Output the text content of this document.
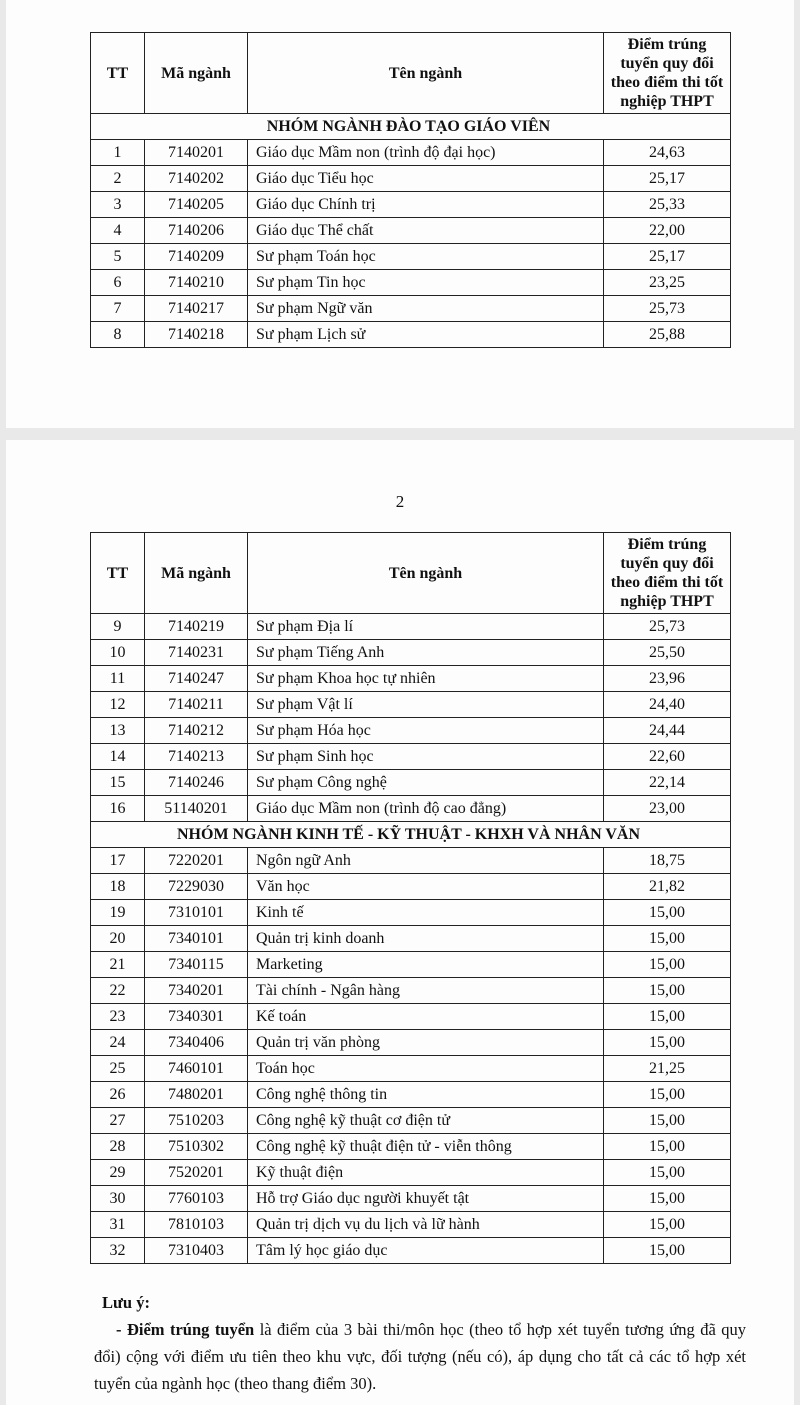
TT	Mã ngành	Tên ngành	Điểm trúng tuyển quy đổi theo điểm thi tốt nghiệp THPT
NHÓM NGÀNH ĐÀO TẠO GIÁO VIÊN			
1	7140201	Giáo dục Mầm non (trình độ đại học)	24,63
2	7140202	Giáo dục Tiểu học	25,17
3	7140205	Giáo dục Chính trị	25,33
4	7140206	Giáo dục Thể chất	22,00
5	7140209	Sư phạm Toán học	25,17
6	7140210	Sư phạm Tin học	23,25
7	7140217	Sư phạm Ngữ văn	25,73
8	7140218	Sư phạm Lịch sử	25,88
2
TT	Mã ngành	Tên ngành	Điểm trúng tuyển quy đổi theo điểm thi tốt nghiệp THPT
9	7140219	Sư phạm Địa lí	25,73
10	7140231	Sư phạm Tiếng Anh	25,50
11	7140247	Sư phạm Khoa học tự nhiên	23,96
12	7140211	Sư phạm Vật lí	24,40
13	7140212	Sư phạm Hóa học	24,44
14	7140213	Sư phạm Sinh học	22,60
15	7140246	Sư phạm Công nghệ	22,14
16	51140201	Giáo dục Mầm non (trình độ cao đẳng)	23,00
NHÓM NGÀNH KINH TẾ - KỸ THUẬT - KHXH VÀ NHÂN VĂN			
17	7220201	Ngôn ngữ Anh	18,75
18	7229030	Văn học	21,82
19	7310101	Kinh tế	15,00
20	7340101	Quản trị kinh doanh	15,00
21	7340115	Marketing	15,00
22	7340201	Tài chính - Ngân hàng	15,00
23	7340301	Kế toán	15,00
24	7340406	Quản trị văn phòng	15,00
25	7460101	Toán học	21,25
26	7480201	Công nghệ thông tin	15,00
27	7510203	Công nghệ kỹ thuật cơ điện tử	15,00
28	7510302	Công nghệ kỹ thuật điện tử - viễn thông	15,00
29	7520201	Kỹ thuật điện	15,00
30	7760103	Hỗ trợ Giáo dục người khuyết tật	15,00
31	7810103	Quản trị dịch vụ du lịch và lữ hành	15,00
32	7310403	Tâm lý học giáo dục	15,00
Lưu ý:
- Điểm trúng tuyển là điểm của 3 bài thi/môn học (theo tổ hợp xét tuyển tương ứng đã quy đổi) cộng với điểm ưu tiên theo khu vực, đối tượng (nếu có), áp dụng cho tất cả các tổ hợp xét tuyển của ngành học (theo thang điểm 30).
